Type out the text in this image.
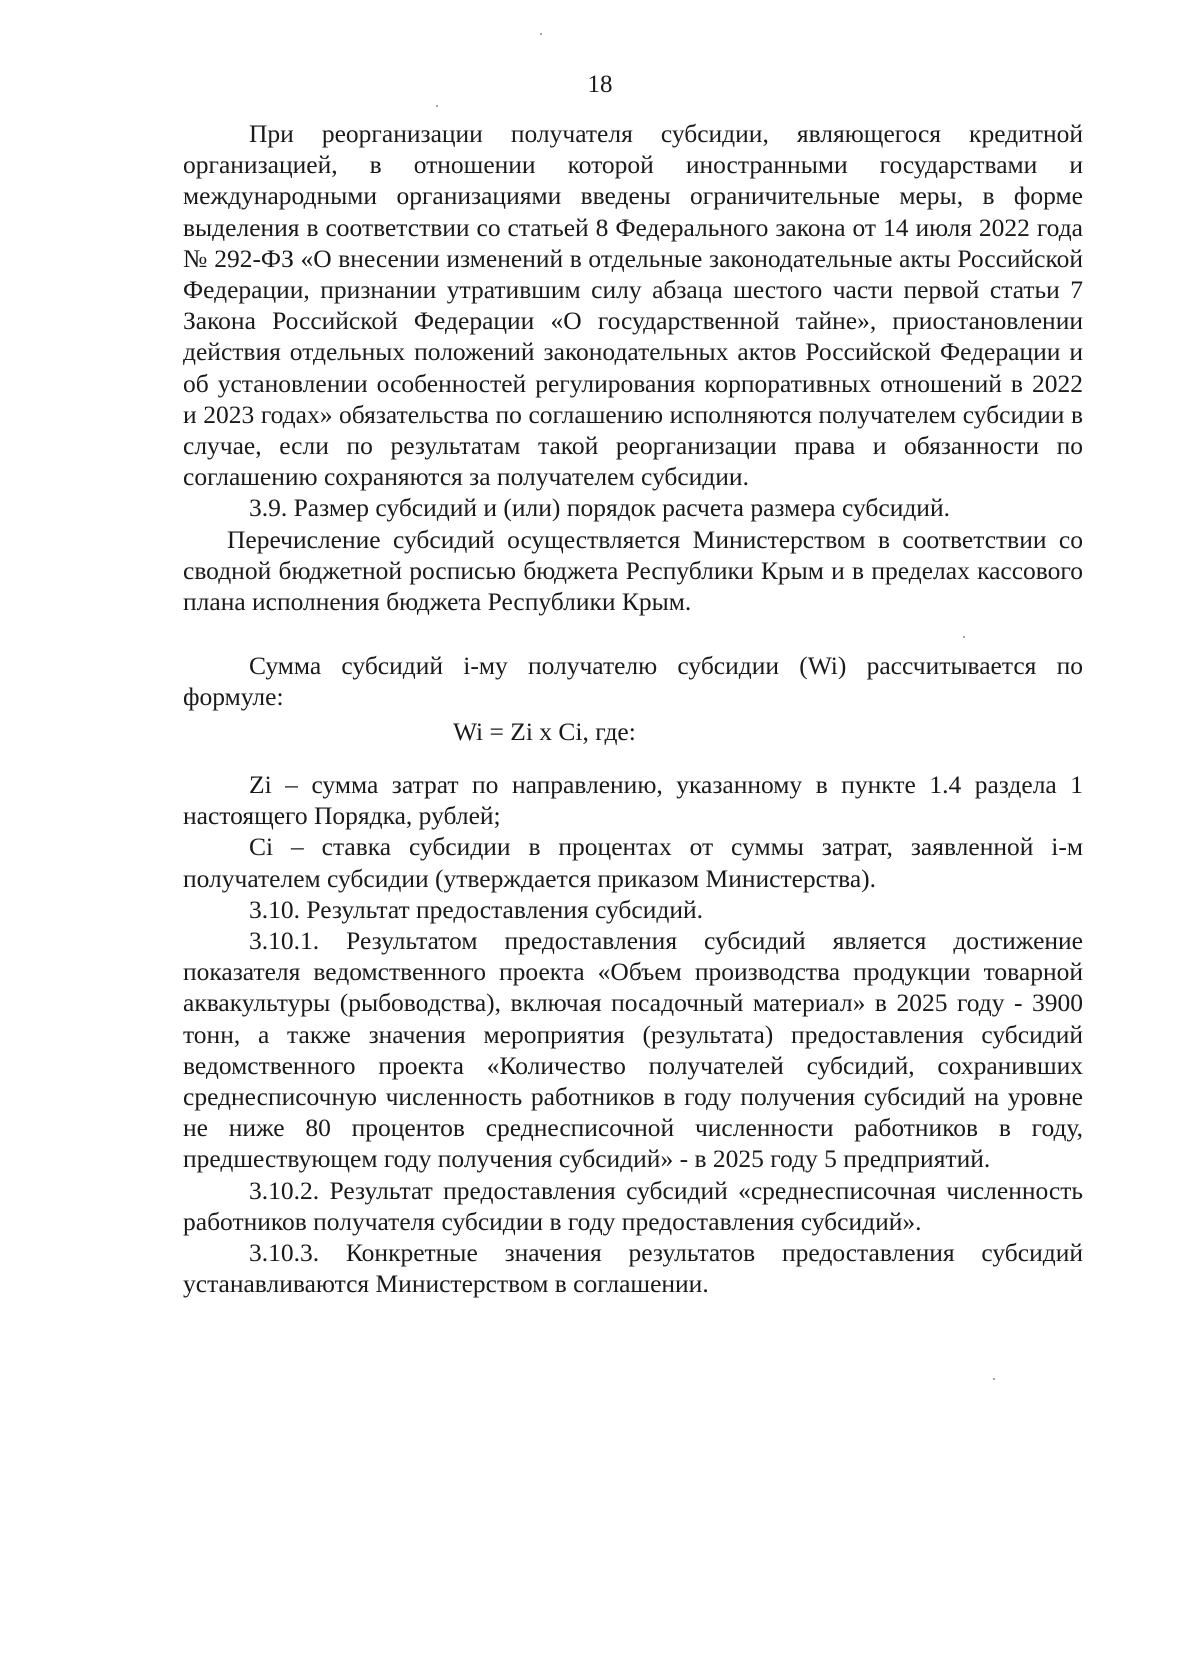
18

При реорганизации получателя субсидии, являющегося кредитной организацией, в отношении которой иностранными государствами и международными организациями введены ограничительные меры, в форме выделения в соответствии со статьей 8 Федерального закона от 14 июля 2022 года № 292-ФЗ «О внесении изменений в отдельные законодательные акты Российской Федерации, признании утратившим силу абзаца шестого части первой статьи 7 Закона Российской Федерации «О государственной тайне», приостановлении действия отдельных положений законодательных актов Российской Федерации и об установлении особенностей регулирования корпоративных отношений в 2022 и 2023 годах» обязательства по соглашению исполняются получателем субсидии в случае, если по результатам такой реорганизации права и обязанности по соглашению сохраняются за получателем субсидии.

3.9. Размер субсидий и (или) порядок расчета размера субсидий.

Перечисление субсидий осуществляется Министерством в соответствии со сводной бюджетной росписью бюджета Республики Крым и в пределах кассового плана исполнения бюджета Республики Крым.

Сумма субсидий i-му получателю субсидии (Wi) рассчитывается по формуле:

Wi = Zi x Ci, где:

Zi – сумма затрат по направлению, указанному в пункте 1.4 раздела 1 настоящего Порядка, рублей;

Ci – ставка субсидии в процентах от суммы затрат, заявленной i-м получателем субсидии (утверждается приказом Министерства).

3.10. Результат предоставления субсидий.

3.10.1. Результатом предоставления субсидий является достижение показателя ведомственного проекта «Объем производства продукции товарной аквакультуры (рыбоводства), включая посадочный материал» в 2025 году - 3900 тонн, а также значения мероприятия (результата) предоставления субсидий ведомственного проекта «Количество получателей субсидий, сохранивших среднесписочную численность работников в году получения субсидий на уровне не ниже 80 процентов среднесписочной численности работников в году, предшествующем году получения субсидий» - в 2025 году 5 предприятий.

3.10.2. Результат предоставления субсидий «среднесписочная численность работников получателя субсидии в году предоставления субсидий».

3.10.3. Конкретные значения результатов предоставления субсидий устанавливаются Министерством в соглашении.
